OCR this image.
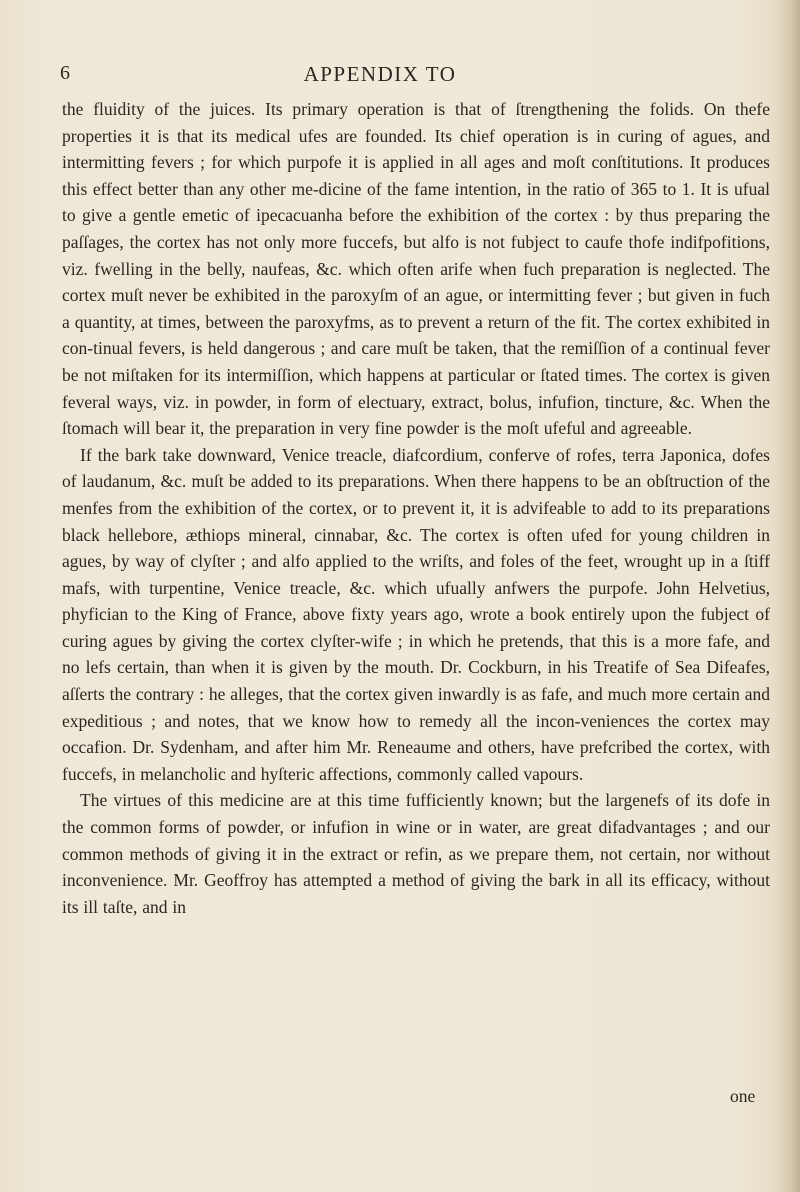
6	APPENDIX TO

the fluidity of the juices. Its primary operation is that of ſtrengthening the folids. On thefe properties it is that its medical ufes are founded. Its chief operation is in curing of agues, and intermitting fevers ; for which purpofe it is applied in all ages and moſt conſtitutions. It produces this effect better than any other me-dicine of the fame intention, in the ratio of 365 to 1. It is ufual to give a gentle emetic of ipecacuanha before the exhibition of the cortex : by thus preparing the paſſages, the cortex has not only more fuccefs, but alfo is not fubject to caufe thofe indifpofitions, viz. fwelling in the belly, naufeas, &c. which often arife when fuch preparation is neglected. The cortex muſt never be exhibited in the paroxyſm of an ague, or intermitting fever ; but given in fuch a quantity, at times, between the paroxyfms, as to prevent a return of the fit. The cortex exhibited in con-tinual fevers, is held dangerous ; and care muſt be taken, that the remiſſion of a continual fever be not miſtaken for its intermiſſion, which happens at particular or ſtated times. The cortex is given feveral ways, viz. in powder, in form of electuary, extract, bolus, infufion, tincture, &c. When the ſtomach will bear it, the preparation in very fine powder is the moſt ufeful and agreeable.

If the bark take downward, Venice treacle, diafcordium, conferve of rofes, terra Japonica, dofes of laudanum, &c. muſt be added to its preparations. When there happens to be an obſtruction of the menfes from the exhibition of the cortex, or to prevent it, it is advifeable to add to its preparations black hellebore, æthiops mineral, cinnabar, &c. The cortex is often ufed for young children in agues, by way of clyſter ; and alfo applied to the wriſts, and foles of the feet, wrought up in a ſtiff mafs, with turpentine, Venice treacle, &c. which ufually anfwers the purpofe. John Helvetius, phyfician to the King of France, above fixty years ago, wrote a book entirely upon the fubject of curing agues by giving the cortex clyſter-wife ; in which he pretends, that this is a more fafe, and no lefs certain, than when it is given by the mouth. Dr. Cockburn, in his Treatife of Sea Difeafes, aſſerts the contrary : he alleges, that the cortex given inwardly is as fafe, and much more certain and expeditious ; and notes, that we know how to remedy all the incon-veniences the cortex may occafion. Dr. Sydenham, and after him Mr. Reneaume and others, have prefcribed the cortex, with fuccefs, in melancholic and hyſteric affections, commonly called vapours.

The virtues of this medicine are at this time fufficiently known; but the largenefs of its dofe in the common forms of powder, or infufion in wine or in water, are great difadvantages ; and our common methods of giving it in the extract or refin, as we prepare them, not certain, nor without inconvenience. Mr. Geoffroy has attempted a method of giving the bark in all its efficacy, without its ill taſte, and in

one
